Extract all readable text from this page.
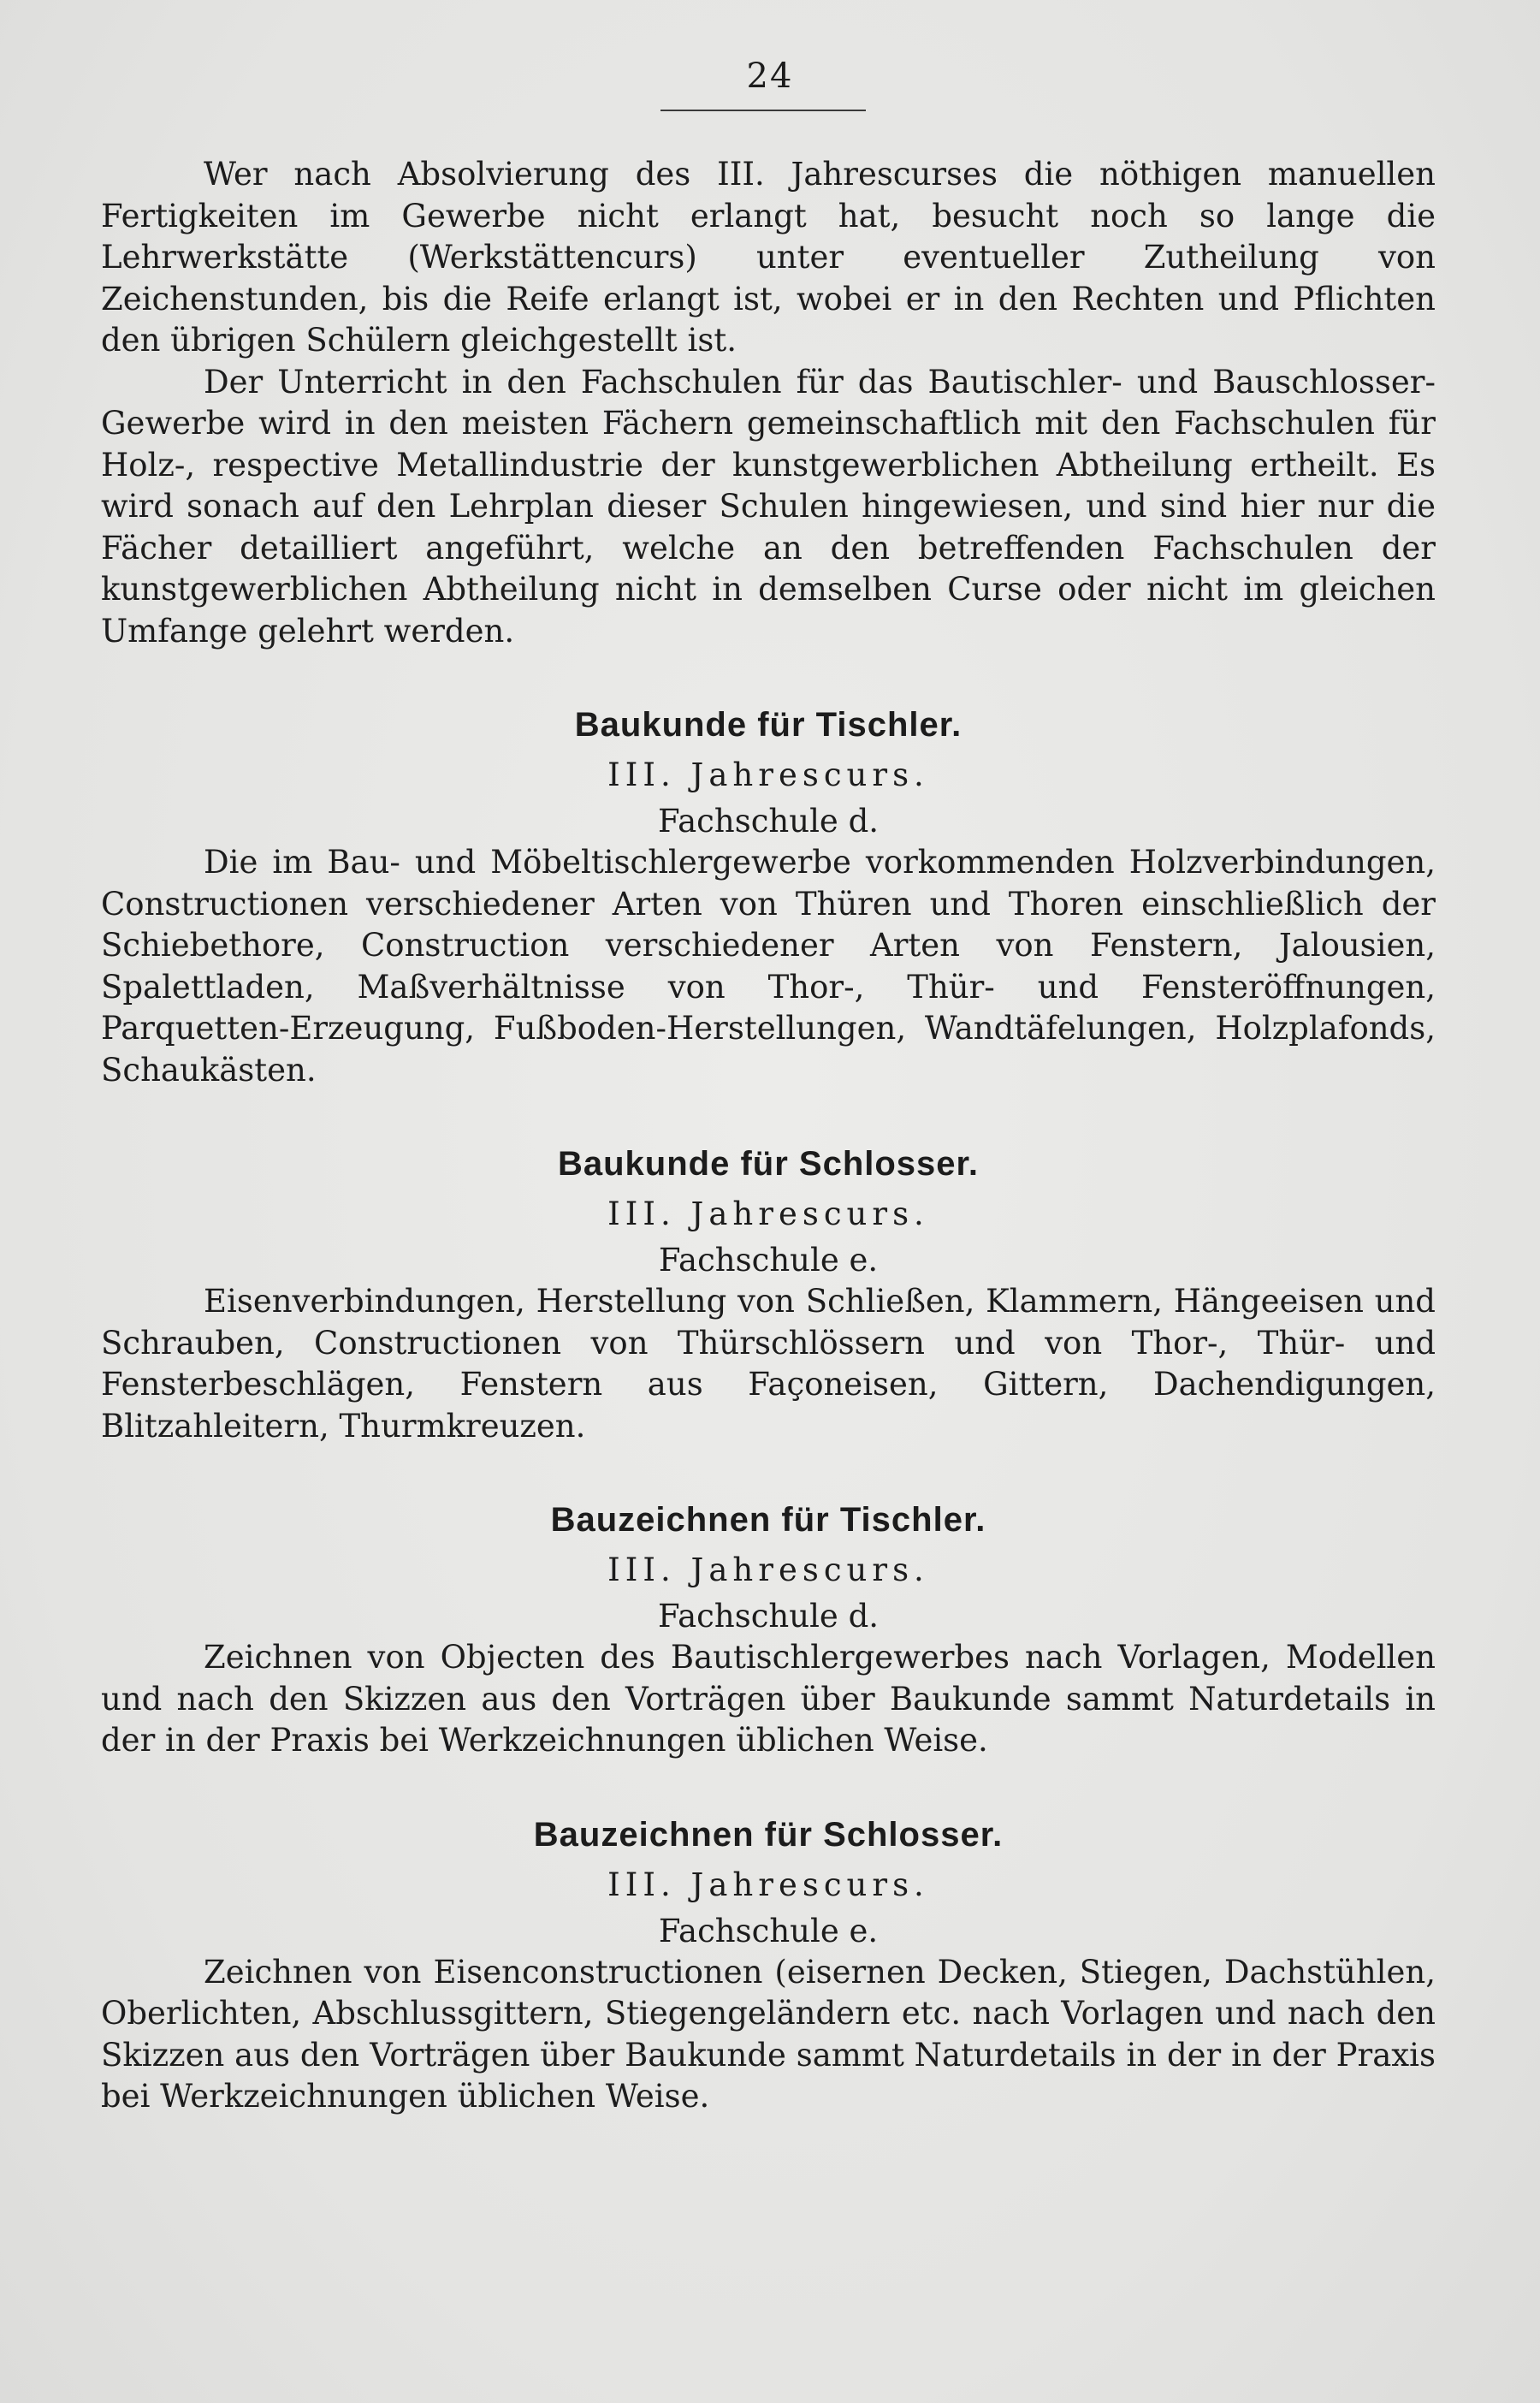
24

Wer nach Absolvierung des III. Jahrescurses die nöthigen manuellen Fertigkeiten im Gewerbe nicht erlangt hat, besucht noch so lange die Lehrwerkstätte (Werkstättencurs) unter eventueller Zutheilung von Zeichenstunden, bis die Reife erlangt ist, wobei er in den Rechten und Pflichten den übrigen Schülern gleichgestellt ist.

Der Unterricht in den Fachschulen für das Bautischler- und Bauschlosser-Gewerbe wird in den meisten Fächern gemeinschaftlich mit den Fachschulen für Holz-, respective Metallindustrie der kunstgewerblichen Abtheilung ertheilt. Es wird sonach auf den Lehrplan dieser Schulen hingewiesen, und sind hier nur die Fächer detailliert angeführt, welche an den betreffenden Fachschulen der kunstgewerblichen Abtheilung nicht in demselben Curse oder nicht im gleichen Umfange gelehrt werden.

Baukunde für Tischler.
III. Jahrescurs.
Fachschule d.

Die im Bau- und Möbeltischlergewerbe vorkommenden Holzverbindungen, Constructionen verschiedener Arten von Thüren und Thoren einschließlich der Schiebethore, Construction verschiedener Arten von Fenstern, Jalousien, Spalettladen, Maßverhältnisse von Thor-, Thür- und Fensteröffnungen, Parquetten-Erzeugung, Fußboden-Herstellungen, Wandtäfelungen, Holzplafonds, Schaukästen.

Baukunde für Schlosser.
III. Jahrescurs.
Fachschule e.

Eisenverbindungen, Herstellung von Schließen, Klammern, Hängeeisen und Schrauben, Constructionen von Thürschlössern und von Thor-, Thür- und Fensterbeschlägen, Fenstern aus Façoneisen, Gittern, Dachendigungen, Blitzahleitern, Thurmkreuzen.

Bauzeichnen für Tischler.
III. Jahrescurs.
Fachschule d.

Zeichnen von Objecten des Bautischlergewerbes nach Vorlagen, Modellen und nach den Skizzen aus den Vorträgen über Baukunde sammt Naturdetails in der in der Praxis bei Werkzeichnungen üblichen Weise.

Bauzeichnen für Schlosser.
III. Jahrescurs.
Fachschule e.

Zeichnen von Eisenconstructionen (eisernen Decken, Stiegen, Dachstühlen, Oberlichten, Abschlussgittern, Stiegengeländern etc. nach Vorlagen und nach den Skizzen aus den Vorträgen über Baukunde sammt Naturdetails in der in der Praxis bei Werkzeichnungen üblichen Weise.
